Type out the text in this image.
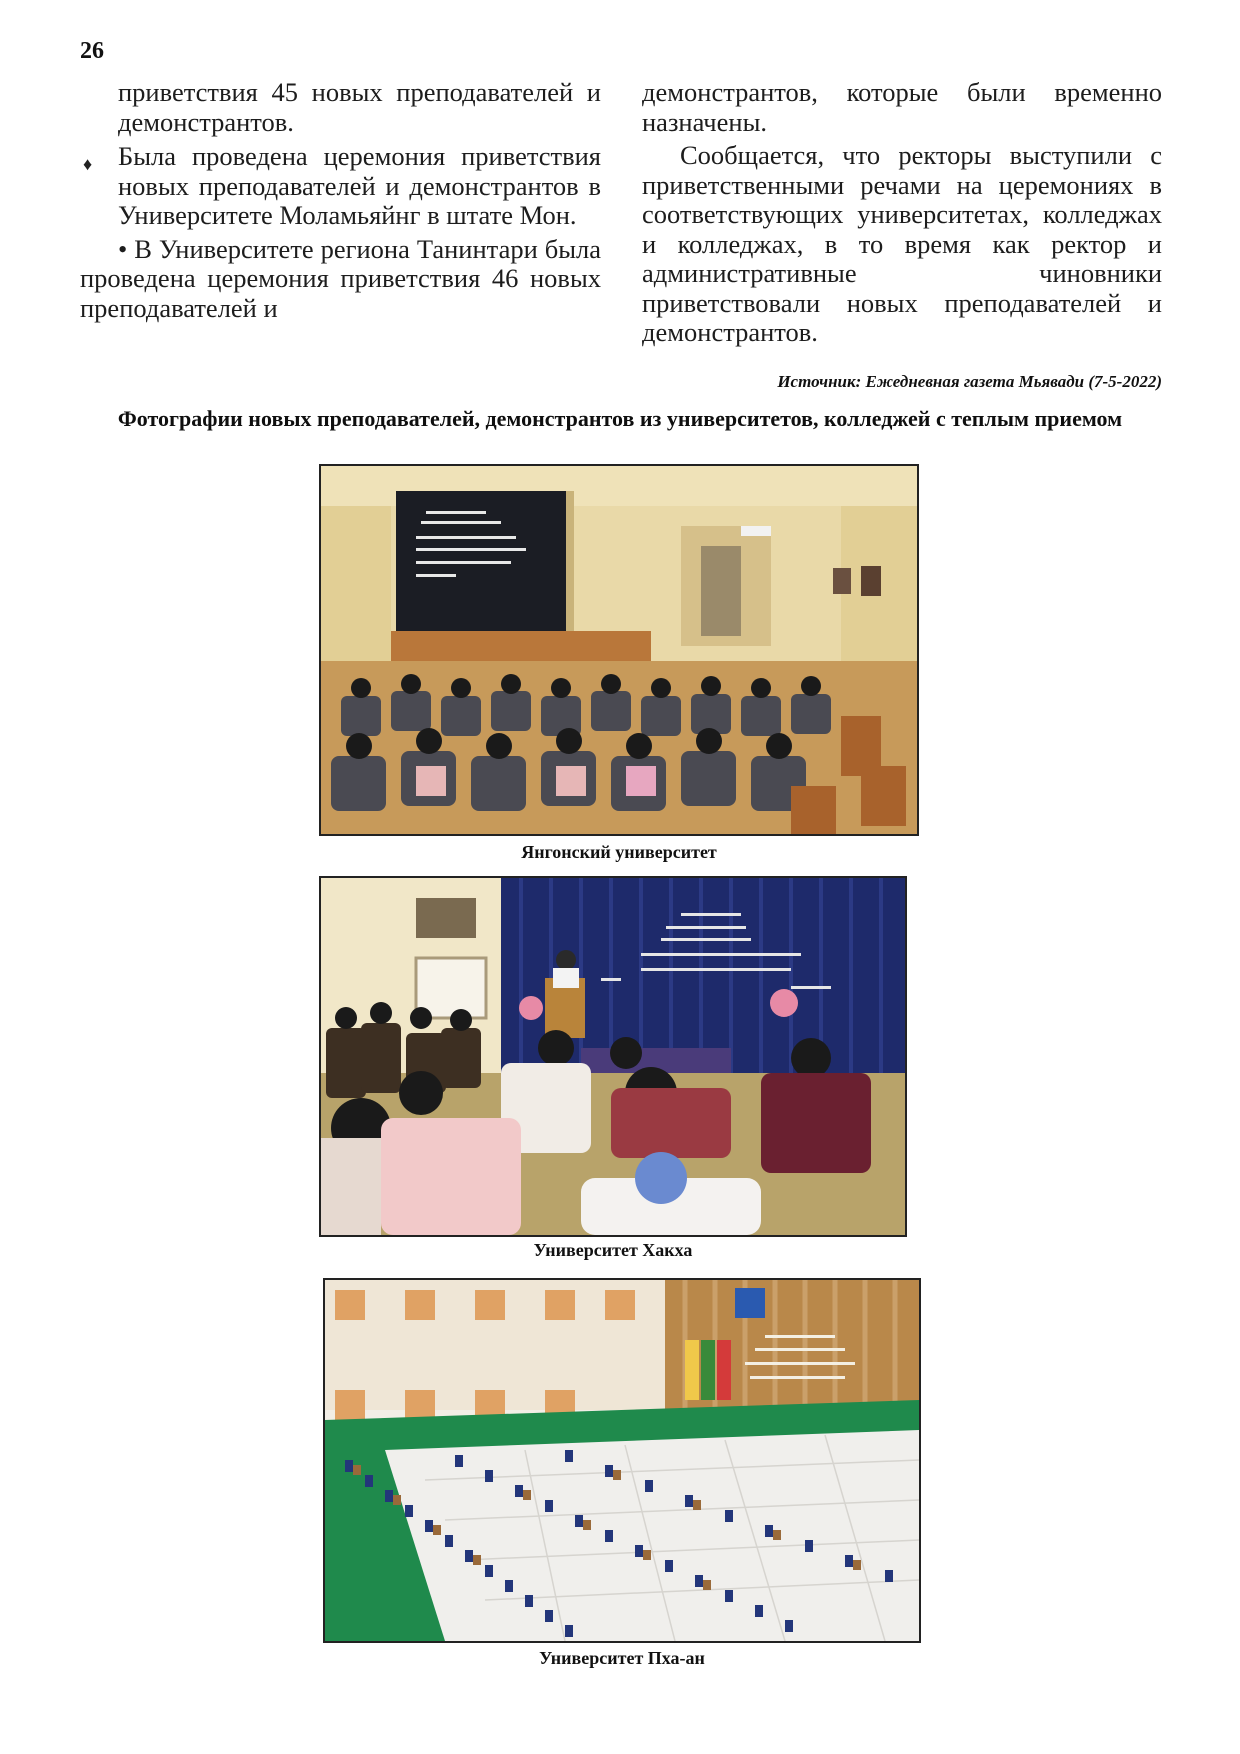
26

приветствия 45 новых преподавателей и демонстрантов.

♦ Была проведена церемония приветствия новых преподавателей и демонстрантов в Университете Моламьяйнг в штате Мон.

• В Университете региона Танинтари была проведена церемония приветствия 46 новых преподавателей и

демонстрантов, которые были временно назначены.

Сообщается, что ректоры выступили с приветственными речами на церемониях в соответствующих университетах, колледжах и колледжах, в то время как ректор и административные чиновники приветствовали новых преподавателей и демонстрантов.

Источник: Ежедневная газета Мьявади (7-5-2022)
Фотографии новых преподавателей, демонстрантов из университетов, колледжей с теплым приемом
Янгонский университет
Университет Хакха
Университет Пха-ан
